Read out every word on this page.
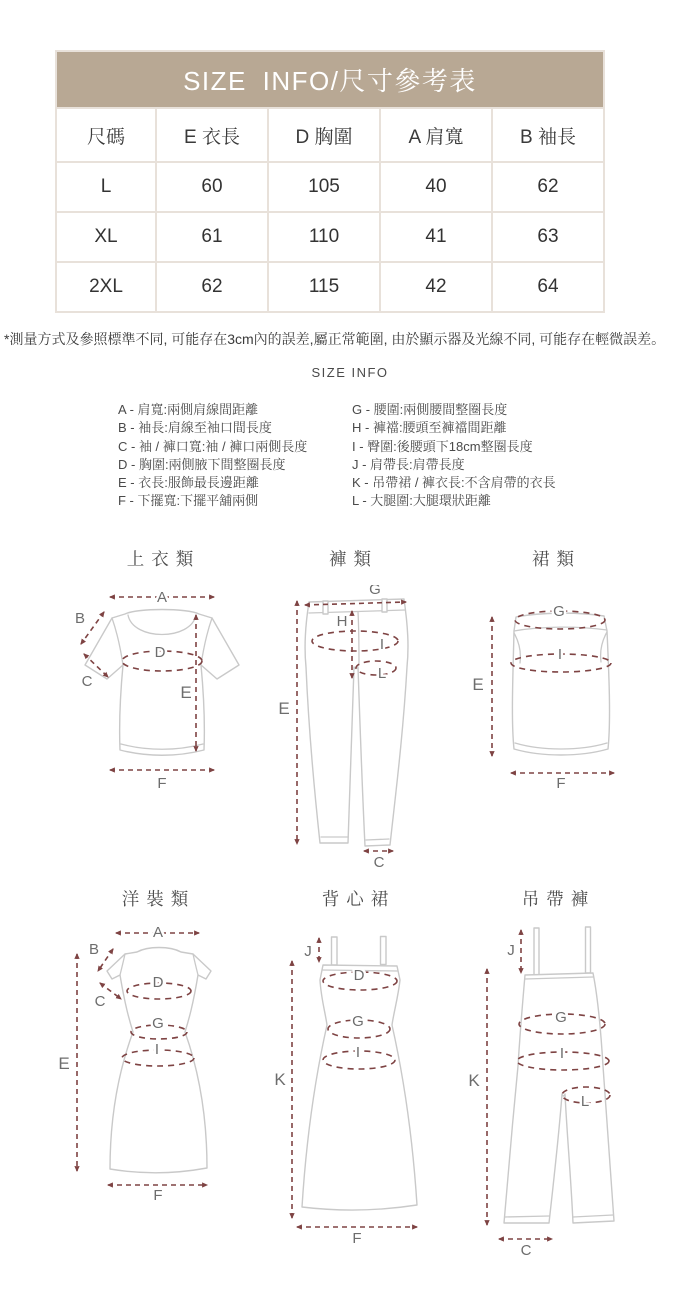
SIZE INFO/尺寸參考表				
尺碼	E 衣長	D 胸圍	A 肩寬	B 袖長
L	60	105	40	62
XL	61	110	41	63
2XL	62	115	42	64
*測量方式及參照標準不同, 可能存在3cm內的誤差,屬正常範圍, 由於顯示器及光線不同, 可能存在輕微誤差。
SIZE INFO
A - 肩寬:兩側肩線間距離
B - 袖長:肩線至袖口間長度
C - 袖 / 褲口寬:袖 / 褲口兩側長度
D - 胸圍:兩側腋下間整圈長度
E - 衣長:服飾最長邊距離
F - 下擺寬:下擺平舖兩側
G - 腰圍:兩側腰間整圈長度
H - 褲襠:腰頭至褲襠間距離
I - 臀圍:後腰頭下18cm整圈長度
J - 肩帶長:肩帶長度
K - 吊帶裙 / 褲衣長:不含肩帶的衣長
L - 大腿圍:大腿環狀距離
上衣類	褲類	裙類
洋裝類	背心裙	吊帶褲
A
B
C
D
E
F
G
H
I
L
E
C
G
I
E
F
A
B
C
D
G
I
E
F
J
D
G
I
K
F
J
K
G
I
L
C
